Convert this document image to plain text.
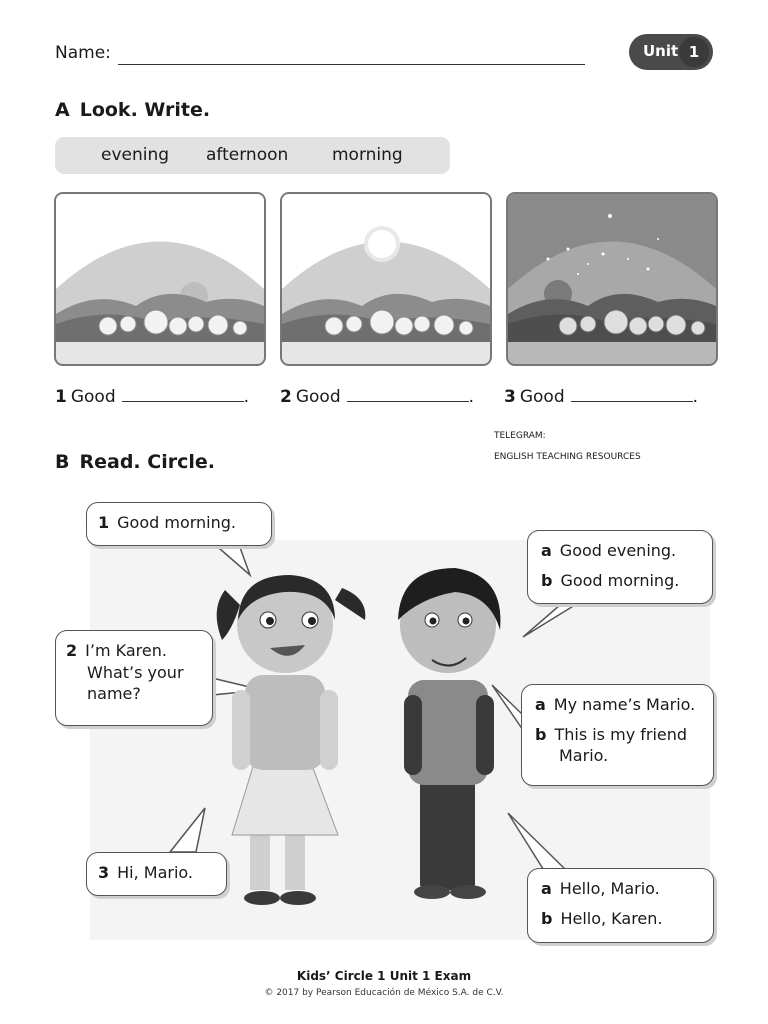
Name:	Unit 1
A Look. Write.
evening afternoon	morning
1 Good	. 2 Good	. 3 Good	.
TELEGRAM:
ENGLISH TEACHING RESOURCES
B Read. Circle.
1 Good morning.
a Good evening.
b Good morning.
2 I’m Karen.
What’s your
name?
a My name’s Mario.
b This is my friend
Mario.
3 Hi, Mario.
a Hello, Mario.
b Hello, Karen.
Kids’ Circle 1 Unit 1 Exam
© 2017 by Pearson Educación de México S.A. de C.V.
